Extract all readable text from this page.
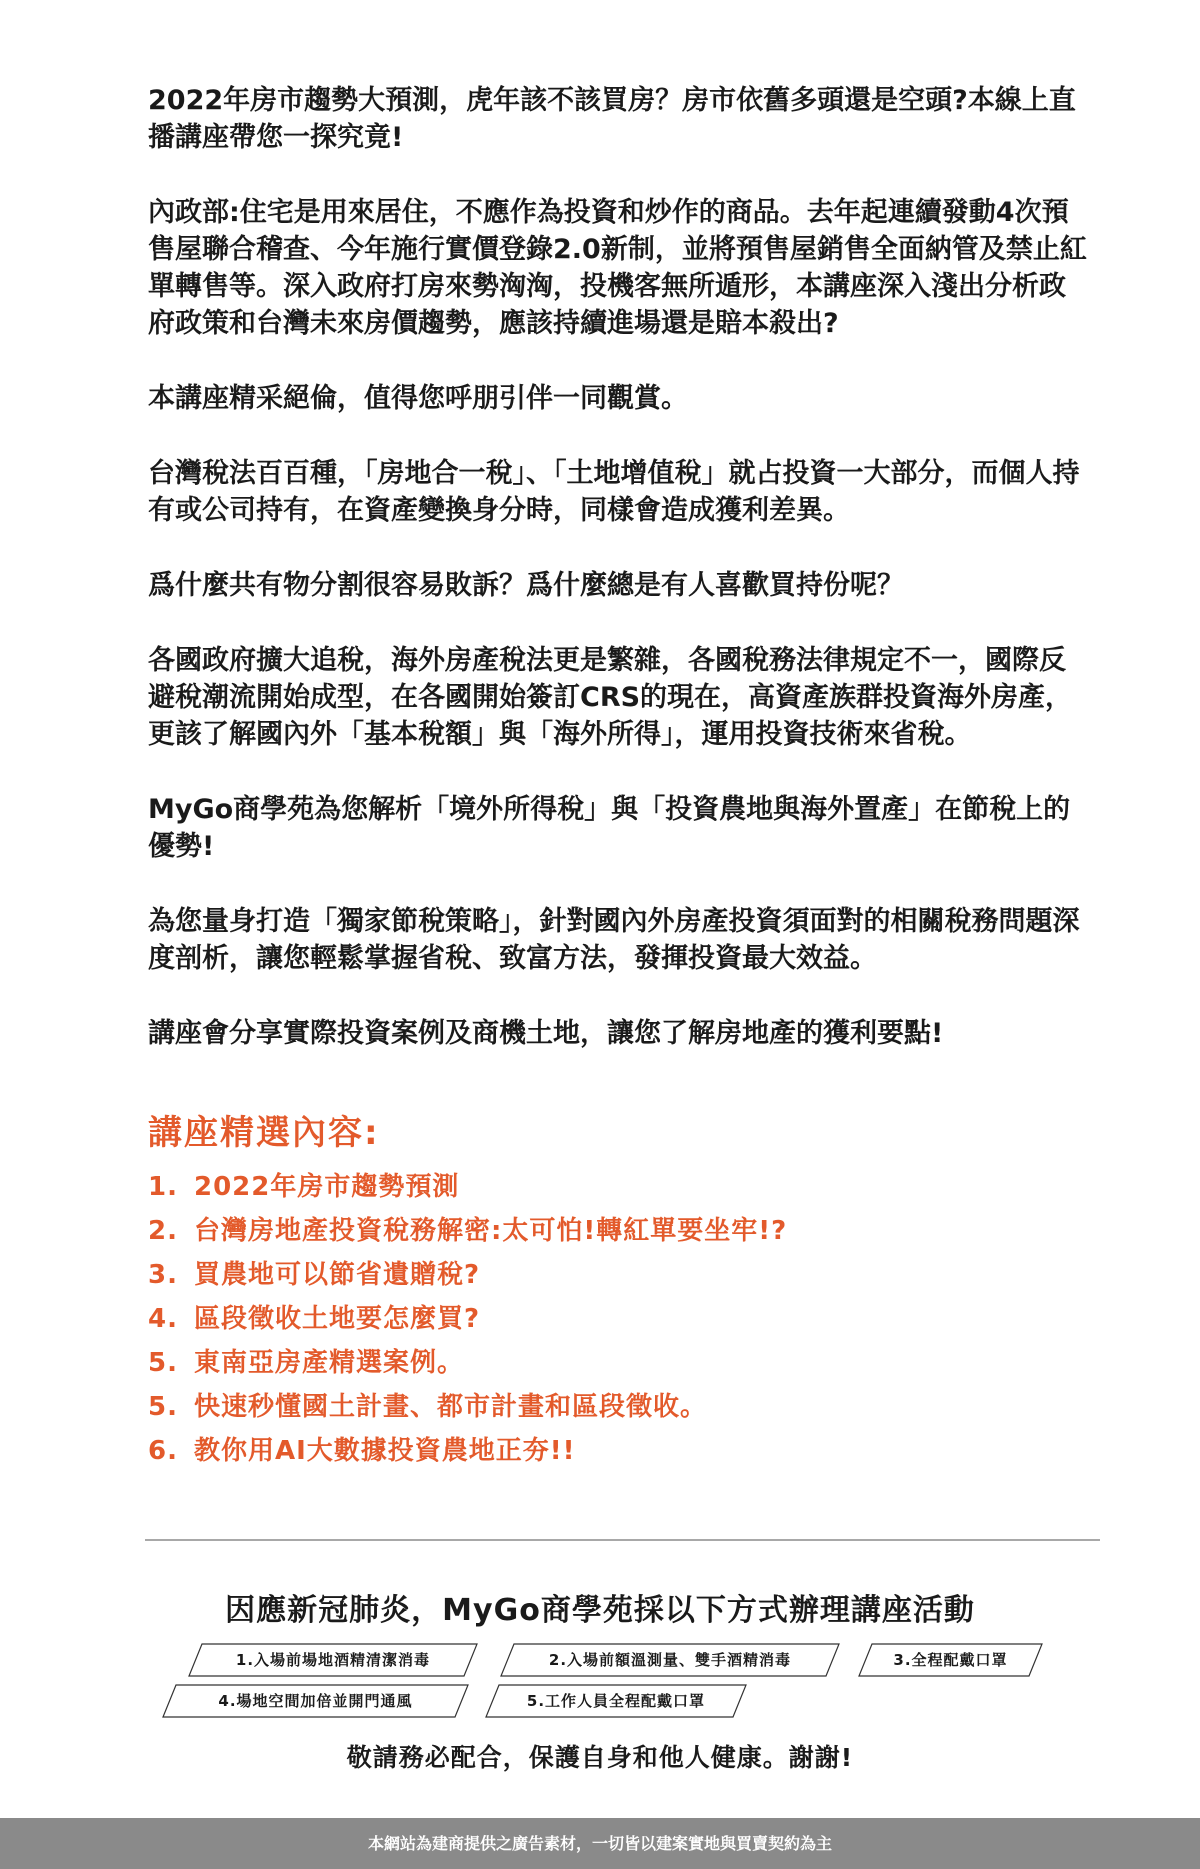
2022年房市趨勢大預測，虎年該不該買房？房市依舊多頭還是空頭?本線上直播講座帶您一探究竟!

內政部:住宅是用來居住，不應作為投資和炒作的商品。去年起連續發動4次預售屋聯合稽查、今年施行實價登錄2.0新制，並將預售屋銷售全面納管及禁止紅單轉售等。深入政府打房來勢洶洶，投機客無所遁形，本講座深入淺出分析政府政策和台灣未來房價趨勢，應該持續進場還是賠本殺出?

本講座精采絕倫，值得您呼朋引伴一同觀賞。

台灣稅法百百種，「房地合一稅」、「土地增值稅」就占投資一大部分，而個人持有或公司持有，在資產變換身分時，同樣會造成獲利差異。

爲什麼共有物分割很容易敗訴？爲什麼總是有人喜歡買持份呢？

各國政府擴大追稅，海外房產稅法更是繁雜，各國稅務法律規定不一，國際反避稅潮流開始成型，在各國開始簽訂CRS的現在，高資產族群投資海外房產，更該了解國內外「基本稅額」與「海外所得」，運用投資技術來省稅。

MyGo商學苑為您解析「境外所得稅」與「投資農地與海外置產」在節稅上的優勢!

為您量身打造「獨家節稅策略」，針對國內外房產投資須面對的相關稅務問題深度剖析，讓您輕鬆掌握省稅、致富方法，發揮投資最大效益。

講座會分享實際投資案例及商機土地，讓您了解房地產的獲利要點!

講座精選內容:
1. 2022年房市趨勢預測
2. 台灣房地產投資稅務解密:太可怕!轉紅單要坐牢!?
3. 買農地可以節省遺贈稅?
4. 區段徵收土地要怎麼買?
5. 東南亞房產精選案例。
5. 快速秒懂國土計畫、都市計畫和區段徵收。
6. 教你用AI大數據投資農地正夯!!
因應新冠肺炎，MyGo商學苑採以下方式辦理講座活動
1.入場前場地酒精清潔消毒	2.入場前額溫測量、雙手酒精消毒	3.全程配戴口罩
4.場地空間加倍並開門通風	5.工作人員全程配戴口罩
敬請務必配合，保護自身和他人健康。謝謝!
本網站為建商提供之廣告素材，一切皆以建案實地與買賣契約為主
